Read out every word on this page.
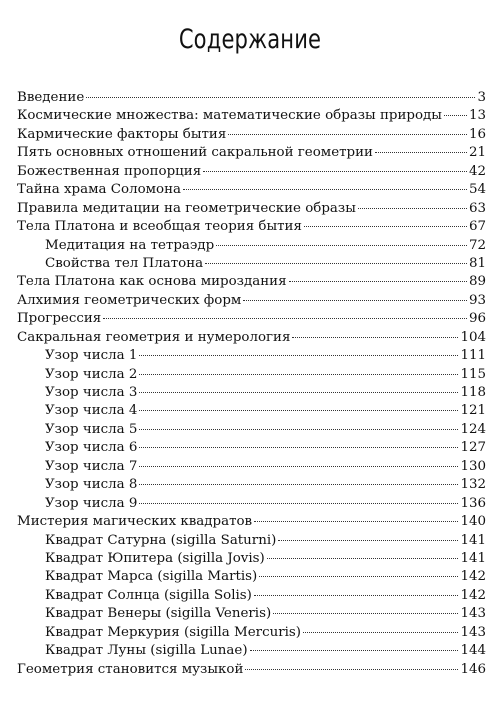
Содержание
Введение	3
Космические множества: математические образы природы 13
Кармические факторы бытия	16
Пять основных отношений сакральной геометрии	21
Божественная пропорция	42
Тайна храма Соломона	54
Правила медитации на геометрические образы	63
Тела Платона и всеобщая теория бытия	67
Медитация на тетраэдр	72
Свойства тел Платона	81
Тела Платона как основа мироздания	89
Алхимия геометрических форм	93
Прогрессия	96
Сакральная геометрия и нумерология	104
Узор числа 1	111
Узор числа 2	115
Узор числа 3	118
Узор числа 4	121
Узор числа 5	124
Узор числа 6	127
Узор числа 7	130
Узор числа 8	132
Узор числа 9	136
Мистерия магических квадратов	140
Квадрат Сатурна (sigilla Saturni)	141
Квадрат Юпитера (sigilla Jovis)	141
Квадрат Марса (sigilla Martis)	142
Квадрат Солнца (sigilla Solis)	142
Квадрат Венеры (sigilla Veneris)	143
Квадрат Меркурия (sigilla Mercuris)	143
Квадрат Луны (sigilla Lunae)	144
Геометрия становится музыкой	146
